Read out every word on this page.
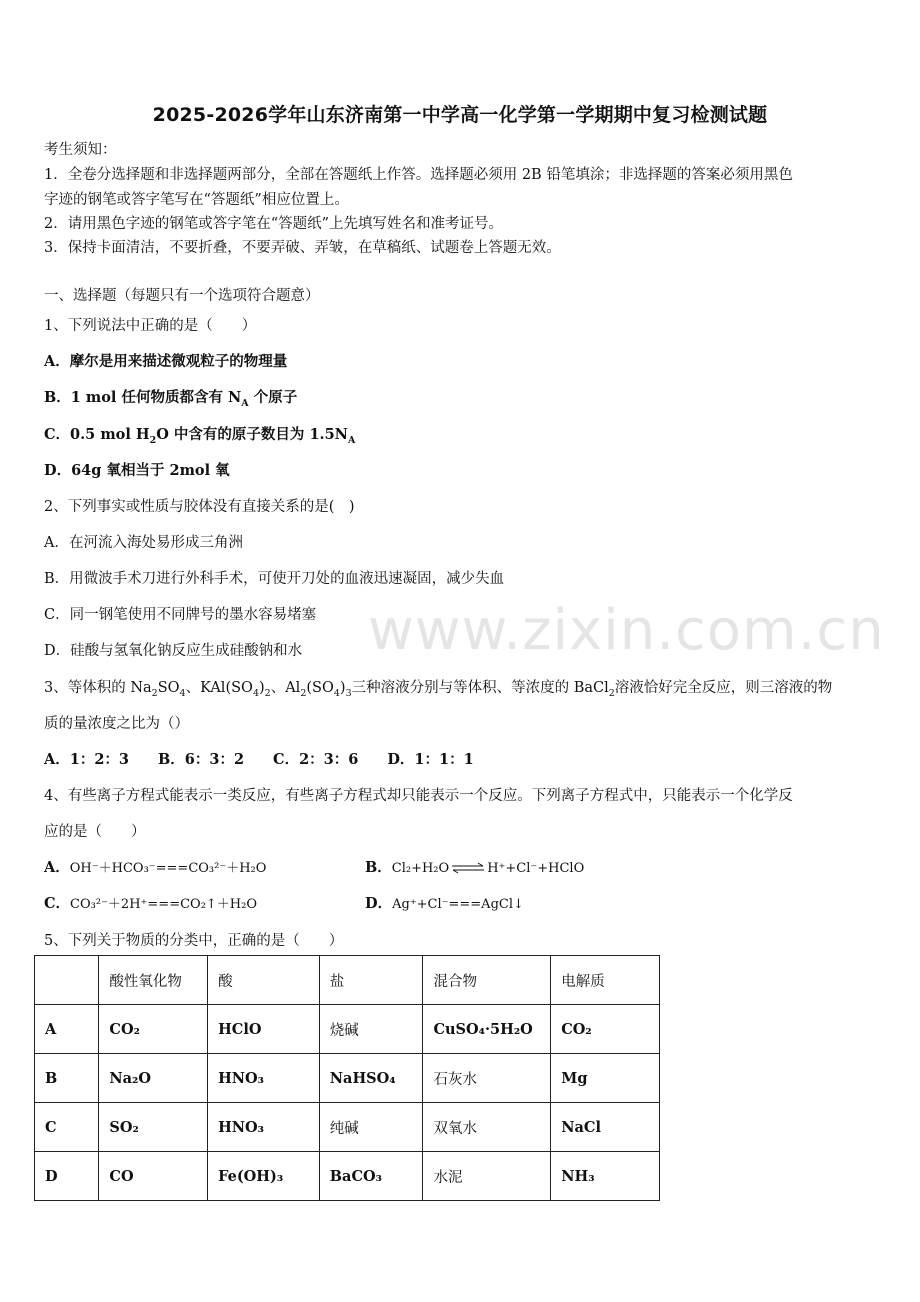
2025-2026学年山东济南第一中学高一化学第一学期期中复习检测试题
考生须知：
1．全卷分选择题和非选择题两部分，全部在答题纸上作答。选择题必须用 2B 铅笔填涂；非选择题的答案必须用黑色
字迹的钢笔或答字笔写在“答题纸”相应位置上。
2．请用黑色字迹的钢笔或答字笔在“答题纸”上先填写姓名和准考证号。
3．保持卡面清洁，不要折叠，不要弄破、弄皱，在草稿纸、试题卷上答题无效。
一、选择题（每题只有一个选项符合题意）
1、下列说法中正确的是（　　）
A．摩尔是用来描述微观粒子的物理量
B．1 mol 任何物质都含有 $N_A$ 个原子
C．0.5 mol $H_2O$ 中含有的原子数目为 $1.5N_A$
D．64g 氧相当于 2mol 氧
2、下列事实或性质与胶体没有直接关系的是(　)
A．在河流入海处易形成三角洲
B．用微波手术刀进行外科手术，可使开刀处的血液迅速凝固，减少失血
C．同一钢笔使用不同牌号的墨水容易堵塞
D．硅酸与氢氧化钠反应生成硅酸钠和水 www.zixin.com.cn
3、等体积的 $Na_2SO_4$、$KAl(SO_4)_2$、$Al_2(SO_4)_3$三种溶液分别与等体积、等浓度的 BaCl$_2$溶液恰好完全反应，则三溶液的物
质的量浓度之比为（）
A．1：2：3　　B．6：3：2　　C．2：3：6　　D．1：1：1
4、有些离子方程式能表示一类反应，有些离子方程式却只能表示一个反应。下列离子方程式中，只能表示一个化学反
应的是（　　）
A．OH⁻＋HCO₃⁻===CO₃²⁻＋H₂O	B．Cl₂+H₂O ⇌ H⁺+Cl⁻+HClO
C．CO₃²⁻＋2H⁺===CO₂↑＋H₂O	D．Ag⁺+Cl⁻===AgCl↓
5、下列关于物质的分类中，正确的是（　　）
	酸性氧化物	酸	盐	混合物	电解质
A	CO₂	HClO	烧碱	CuSO₄·5H₂O	CO₂
B	Na₂O	HNO₃	NaHSO₄	石灰水	Mg
C	SO₂	HNO₃	纯碱	双氧水	NaCl
D	CO	Fe(OH)₃	BaCO₃	水泥	NH₃
